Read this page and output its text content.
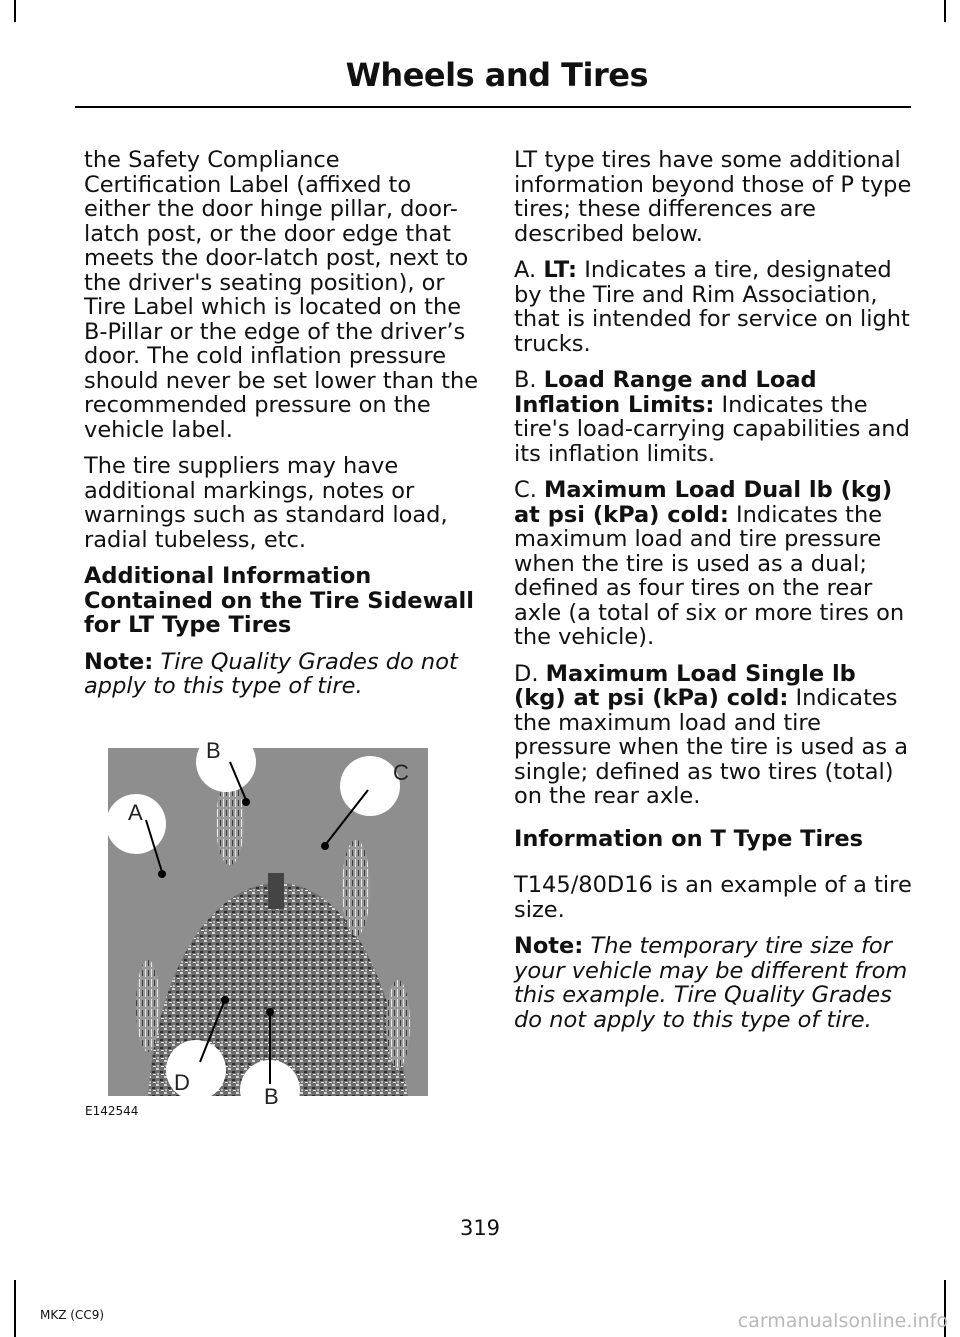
Wheels and Tires

the Safety Compliance Certification Label (affixed to either the door hinge pillar, door-latch post, or the door edge that meets the door-latch post, next to the driver's seating position), or Tire Label which is located on the B-Pillar or the edge of the driver’s door. The cold inflation pressure should never be set lower than the recommended pressure on the vehicle label.

The tire suppliers may have additional markings, notes or warnings such as standard load, radial tubeless, etc.

Additional Information Contained on the Tire Sidewall for LT Type Tires

Note: Tire Quality Grades do not apply to this type of tire.

A
B
C
D
B
E142544

LT type tires have some additional information beyond those of P type tires; these differences are described below.

A. LT: Indicates a tire, designated by the Tire and Rim Association, that is intended for service on light trucks.

B. Load Range and Load Inflation Limits: Indicates the tire's load-carrying capabilities and its inflation limits.

C. Maximum Load Dual lb (kg) at psi (kPa) cold: Indicates the maximum load and tire pressure when the tire is used as a dual; defined as four tires on the rear axle (a total of six or more tires on the vehicle).

D. Maximum Load Single lb (kg) at psi (kPa) cold: Indicates the maximum load and tire pressure when the tire is used as a single; defined as two tires (total) on the rear axle.

Information on T Type Tires

T145/80D16 is an example of a tire size.

Note: The temporary tire size for your vehicle may be different from this example. Tire Quality Grades do not apply to this type of tire.

319
MKZ (CC9)	carmanualsonline.info
